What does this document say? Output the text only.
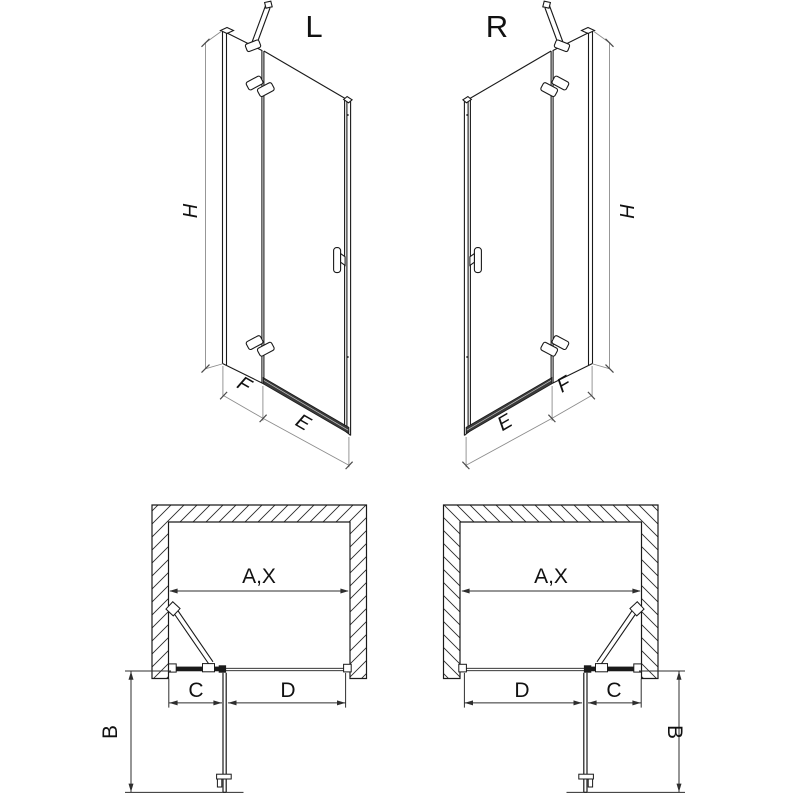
L
H
F
E
R
H
F
E
A,X
B
C	D
A,X
B
C
D
